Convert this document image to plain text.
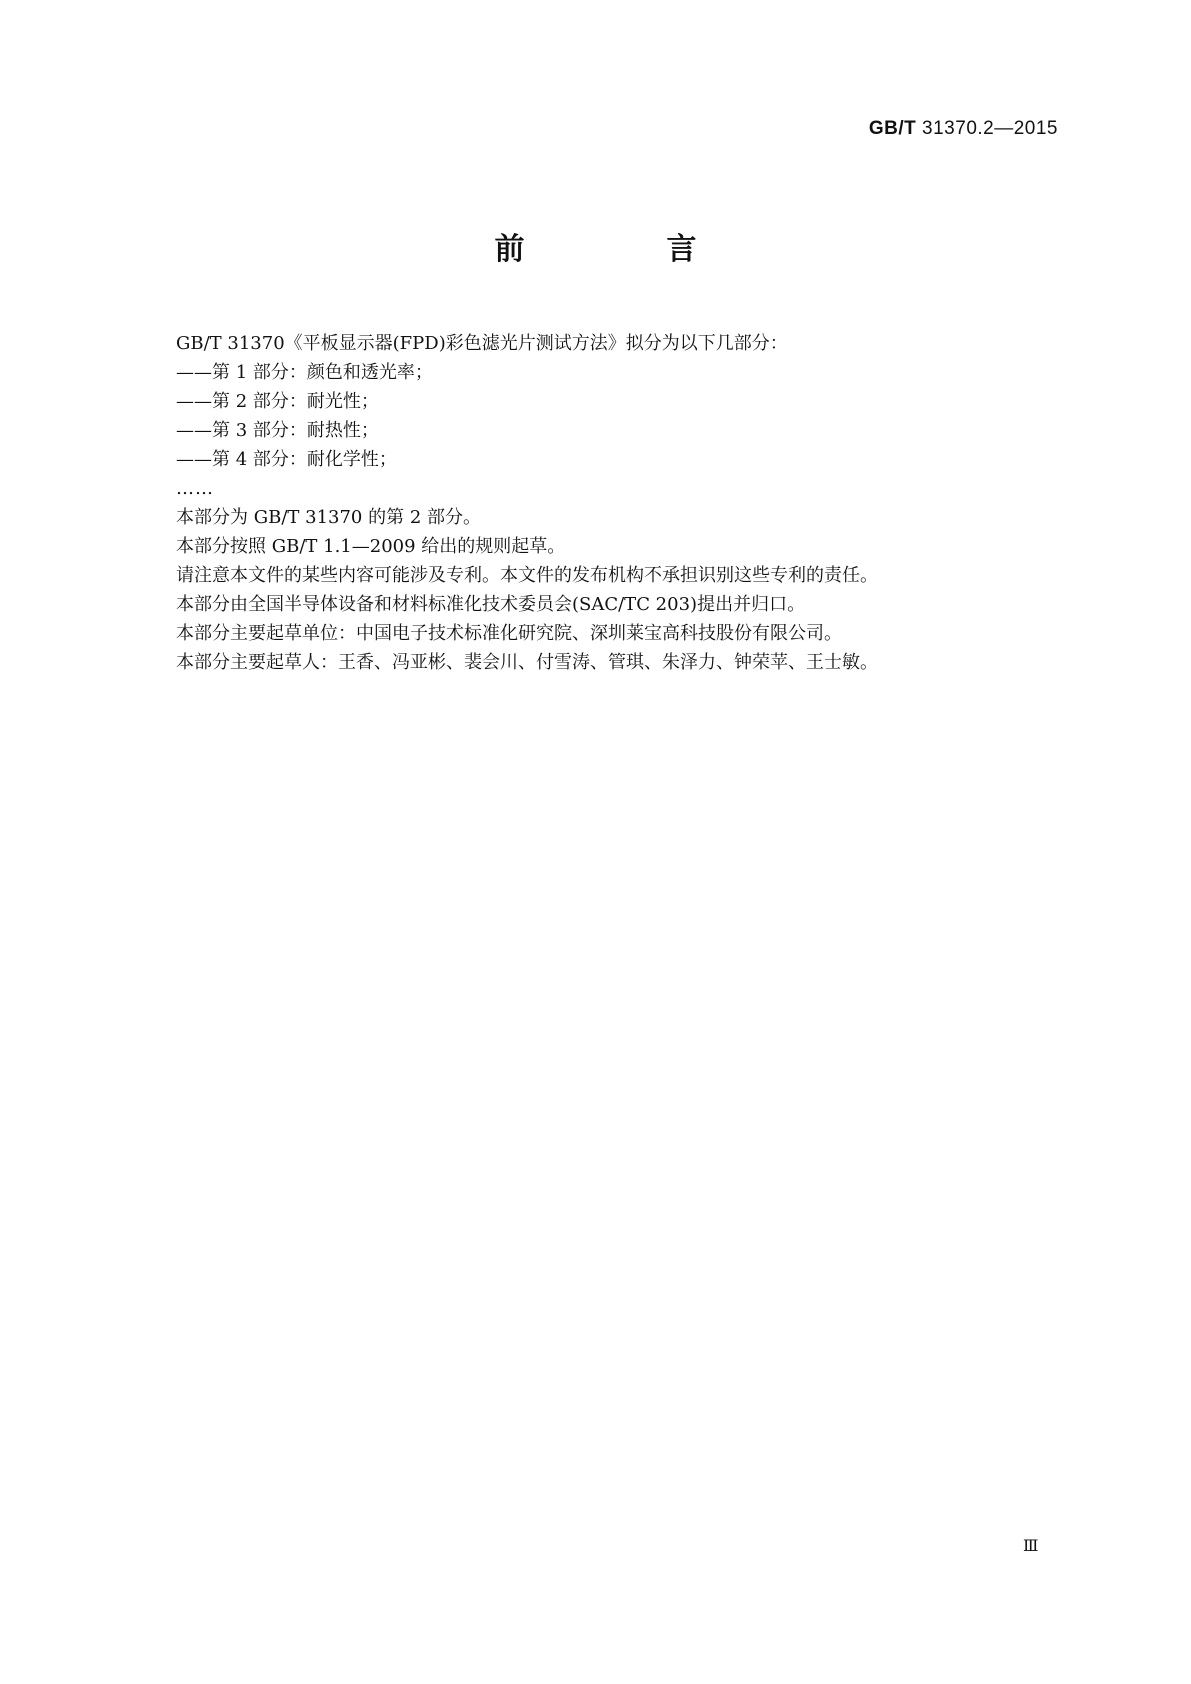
GB/T 31370.2—2015
前　言
GB/T 31370《平板显示器(FPD)彩色滤光片测试方法》拟分为以下几部分：
——第 1 部分：颜色和透光率；
——第 2 部分：耐光性；
——第 3 部分：耐热性；
——第 4 部分：耐化学性；
……
本部分为 GB/T 31370 的第 2 部分。
本部分按照 GB/T 1.1—2009 给出的规则起草。
请注意本文件的某些内容可能涉及专利。本文件的发布机构不承担识别这些专利的责任。
本部分由全国半导体设备和材料标准化技术委员会(SAC/TC 203)提出并归口。
本部分主要起草单位：中国电子技术标准化研究院、深圳莱宝高科技股份有限公司。
本部分主要起草人：王香、冯亚彬、裴会川、付雪涛、管琪、朱泽力、钟荣苹、王士敏。
Ⅲ
